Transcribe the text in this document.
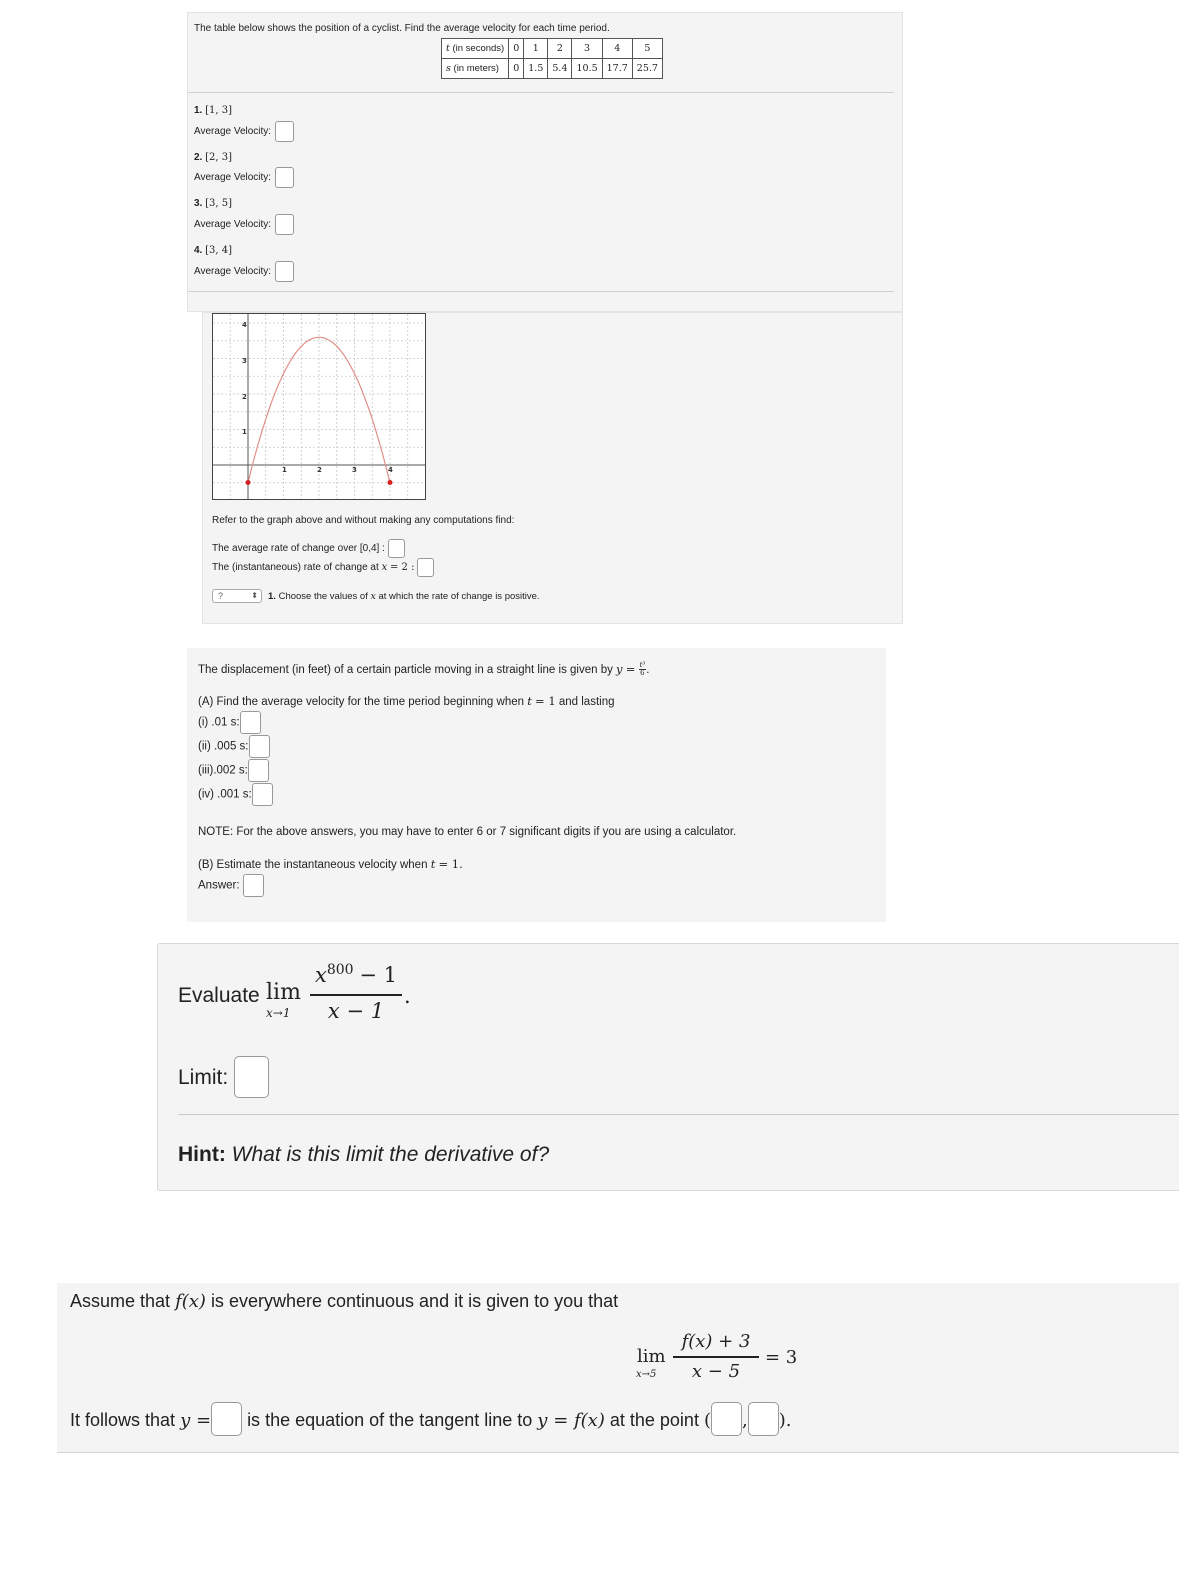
The table below shows the position of a cyclist. Find the average velocity for each time period.
t (in seconds)	0	1	2	3	4	5
s (in meters)	0	1.5	5.4	10.5	17.7	25.7
1. [1, 3]
Average Velocity:
2. [2, 3]
Average Velocity:
3. [3, 5]
Average Velocity:
4. [3, 4]
Average Velocity:
1	2	3	4
1
2
3
4
Refer to the graph above and without making any computations find:
The average rate of change over [0,4] :
The (instantaneous) rate of change at x = 2 :
?	⬍ 1. Choose the values of x at which the rate of change is positive.
The displacement (in feet) of a certain particle moving in a straight line is given by $y = \frac{\text{t³}}{6}$ .
(A) Find the average velocity for the time period beginning when t = 1 and lasting
(i) .01 s:
(ii) .005 s:
(iii).002 s:
(iv) .001 s:
NOTE: For the above answers, you may have to enter 6 or 7 significant digits if you are using a calculator.
(B) Estimate the instantaneous velocity when t = 1.
Answer:
Evaluate lim
x→1
$x^{800} - 1$
x − 1
.
Limit:
Hint: What is this limit the derivative of?
Assume that f(x) is everywhere continuous and it is given to you that
lim
x→5
f(x) + 3
x − 5
= 3
It follows that y = is the equation of the tangent line to y = f(x) at the point ( , ).
